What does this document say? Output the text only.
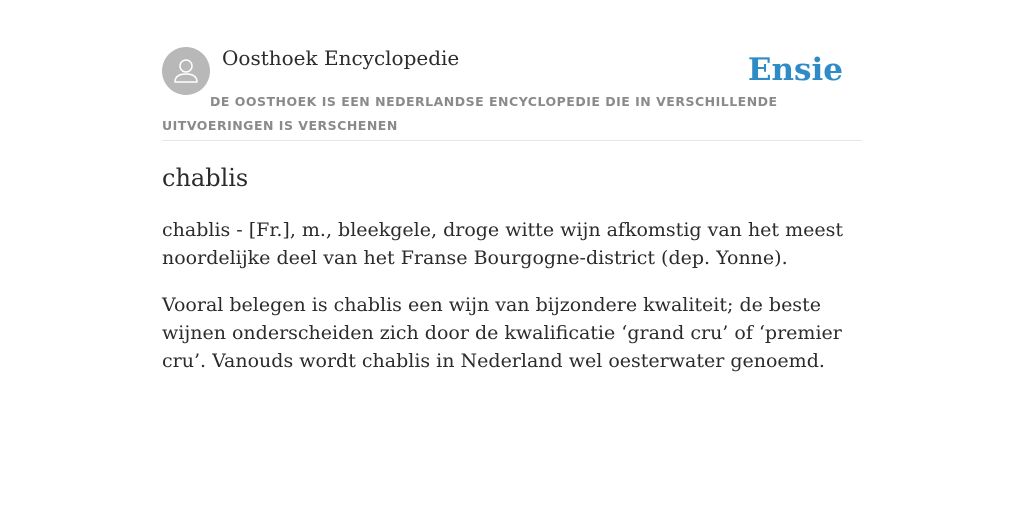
Oosthoek Encyclopedie	Ensie
DE OOSTHOEK IS EEN NEDERLANDSE ENCYCLOPEDIE DIE IN VERSCHILLENDE UITVOERINGEN IS VERSCHENEN
chablis

chablis - [Fr.], m., bleekgele, droge witte wijn afkomstig van het meest noordelijke deel van het Franse Bourgogne-district (dep. Yonne).

Vooral belegen is chablis een wijn van bijzondere kwaliteit; de beste wijnen onderscheiden zich door de kwalificatie ‘grand cru’ of ‘premier cru’. Vanouds wordt chablis in Nederland wel oesterwater genoemd.
